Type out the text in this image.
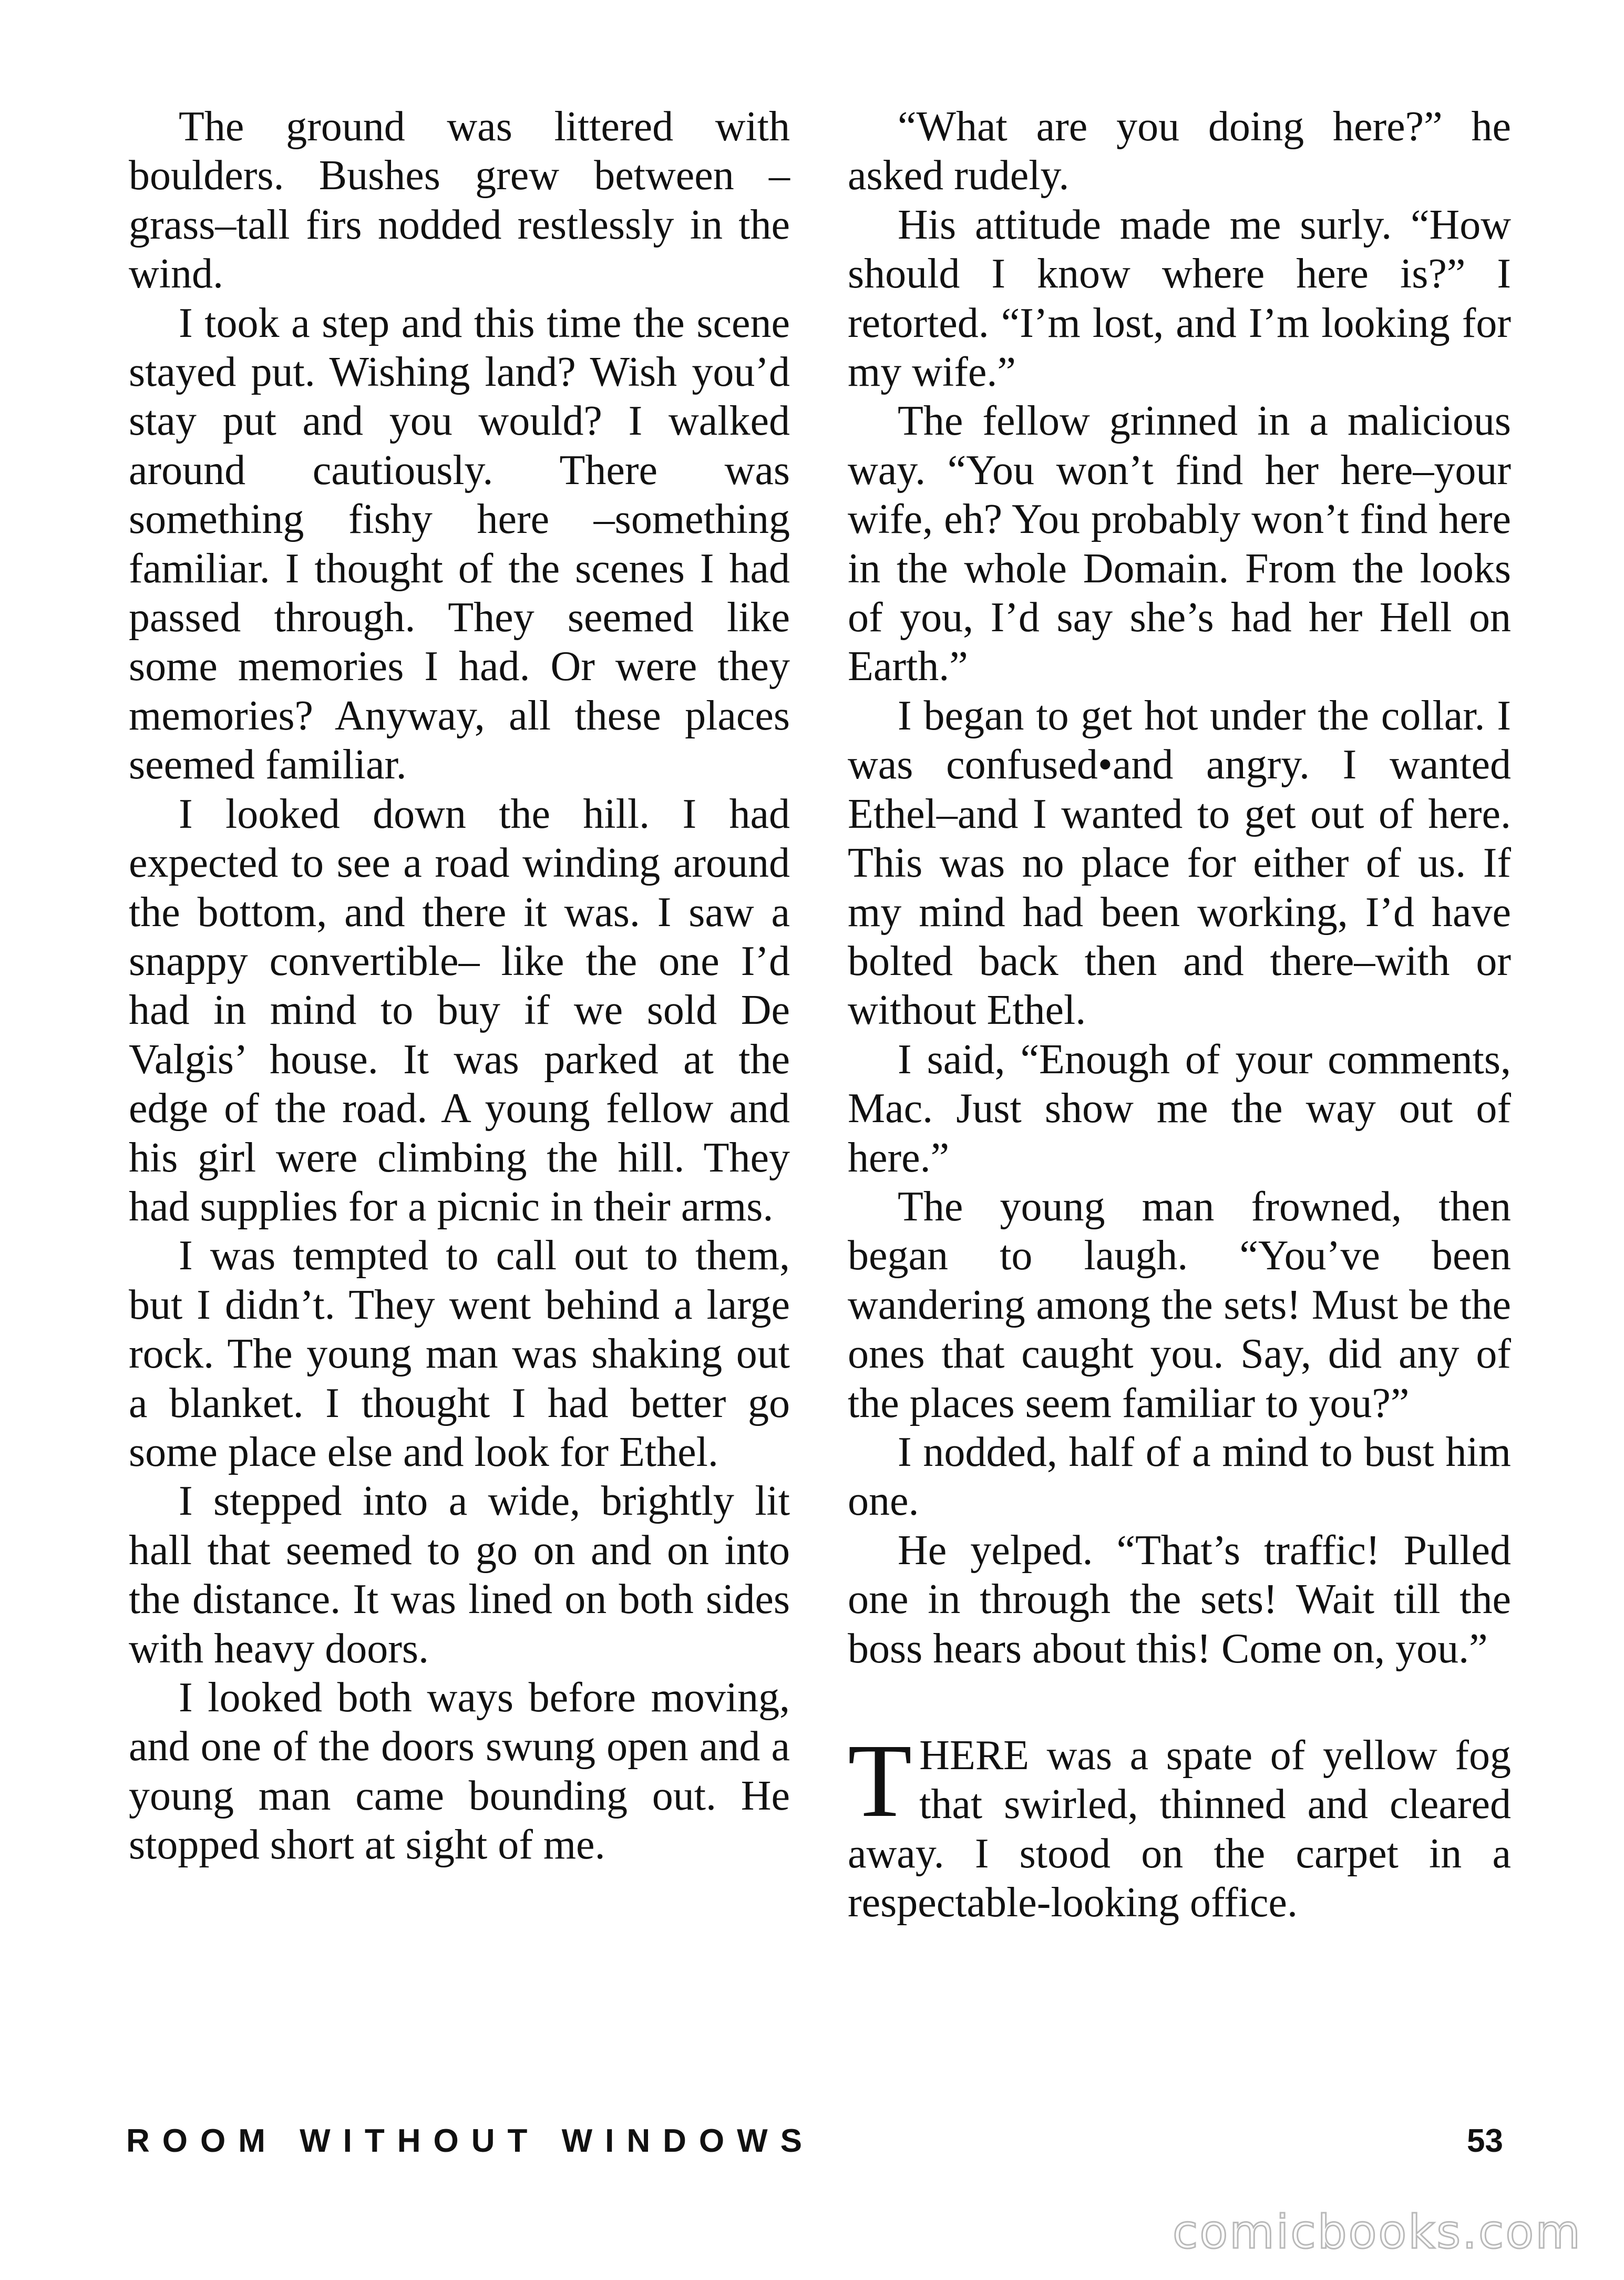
The ground was littered with boulders. Bushes grew between –grass–tall firs nodded restlessly in the wind.

I took a step and this time the scene stayed put. Wishing land? Wish you’d stay put and you would? I walked around cautiously. There was something fishy here –something familiar. I thought of the scenes I had passed through. They seemed like some memories I had. Or were they memories? Anyway, all these places seemed familiar.

I looked down the hill. I had expected to see a road winding around the bottom, and there it was. I saw a snappy convertible– like the one I’d had in mind to buy if we sold De Valgis’ house. It was parked at the edge of the road. A young fellow and his girl were climbing the hill. They had supplies for a picnic in their arms.

I was tempted to call out to them, but I didn’t. They went behind a large rock. The young man was shaking out a blanket. I thought I had better go some place else and look for Ethel.

I stepped into a wide, brightly lit hall that seemed to go on and on into the distance. It was lined on both sides with heavy doors.

I looked both ways before moving, and one of the doors swung open and a young man came bounding out. He stopped short at sight of me.

“What are you doing here?” he asked rudely.

His attitude made me surly. “How should I know where here is?” I retorted. “I’m lost, and I’m looking for my wife.”

The fellow grinned in a malicious way. “You won’t find her here–your wife, eh? You probably won’t find here in the whole Domain. From the looks of you, I’d say she’s had her Hell on Earth.”

I began to get hot under the collar. I was confused•and angry. I wanted Ethel–and I wanted to get out of here. This was no place for either of us. If my mind had been working, I’d have bolted back then and there–with or without Ethel.

I said, “Enough of your comments, Mac. Just show me the way out of here.”

The young man frowned, then began to laugh. “You’ve been wandering among the sets! Must be the ones that caught you. Say, did any of the places seem familiar to you?”

I nodded, half of a mind to bust him one.

He yelped. “That’s traffic! Pulled one in through the sets! Wait till the boss hears about this! Come on, you.”

THERE was a spate of yellow fog that swirled, thinned and cleared away. I stood on the carpet in a respectable-looking office.

ROOM WITHOUT WINDOWS	53
comicbooks.com
